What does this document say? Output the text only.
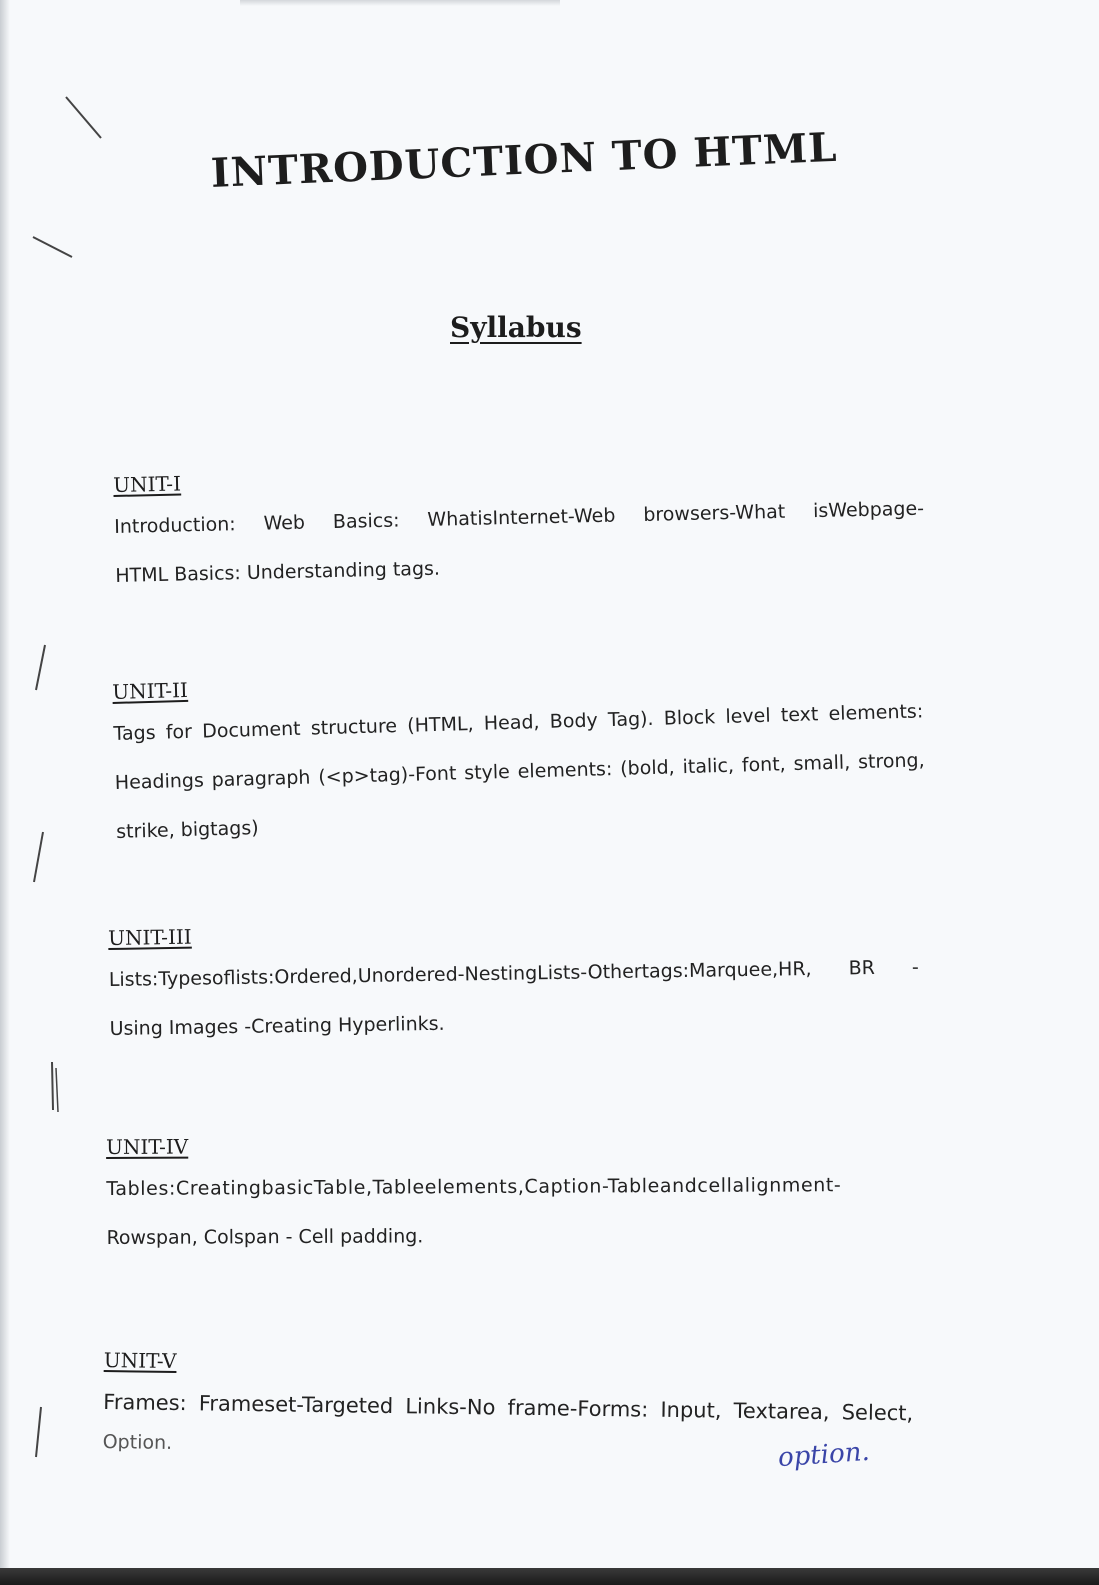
INTRODUCTION TO HTML
Syllabus
UNIT-I

Introduction: Web Basics: WhatisInternet-Web browsers-What isWebpage-

HTML Basics: Understanding tags.

UNIT-II

Tags for Document structure (HTML, Head, Body Tag). Block level text elements:

Headings paragraph (<p>tag)-Font style elements: (bold, italic, font, small, strong,

strike, bigtags)

UNIT-III

Lists:Typesoflists:Ordered,Unordered-NestingLists-Othertags:Marquee,HR, BR -

Using Images -Creating Hyperlinks.

UNIT-IV

Tables:CreatingbasicTable,Tableelements,Caption-Tableandcellalignment-

Rowspan, Colspan - Cell padding.

UNIT-V

Frames: Frameset-Targeted Links-No frame-Forms: Input, Textarea, Select,

Option.	option.
